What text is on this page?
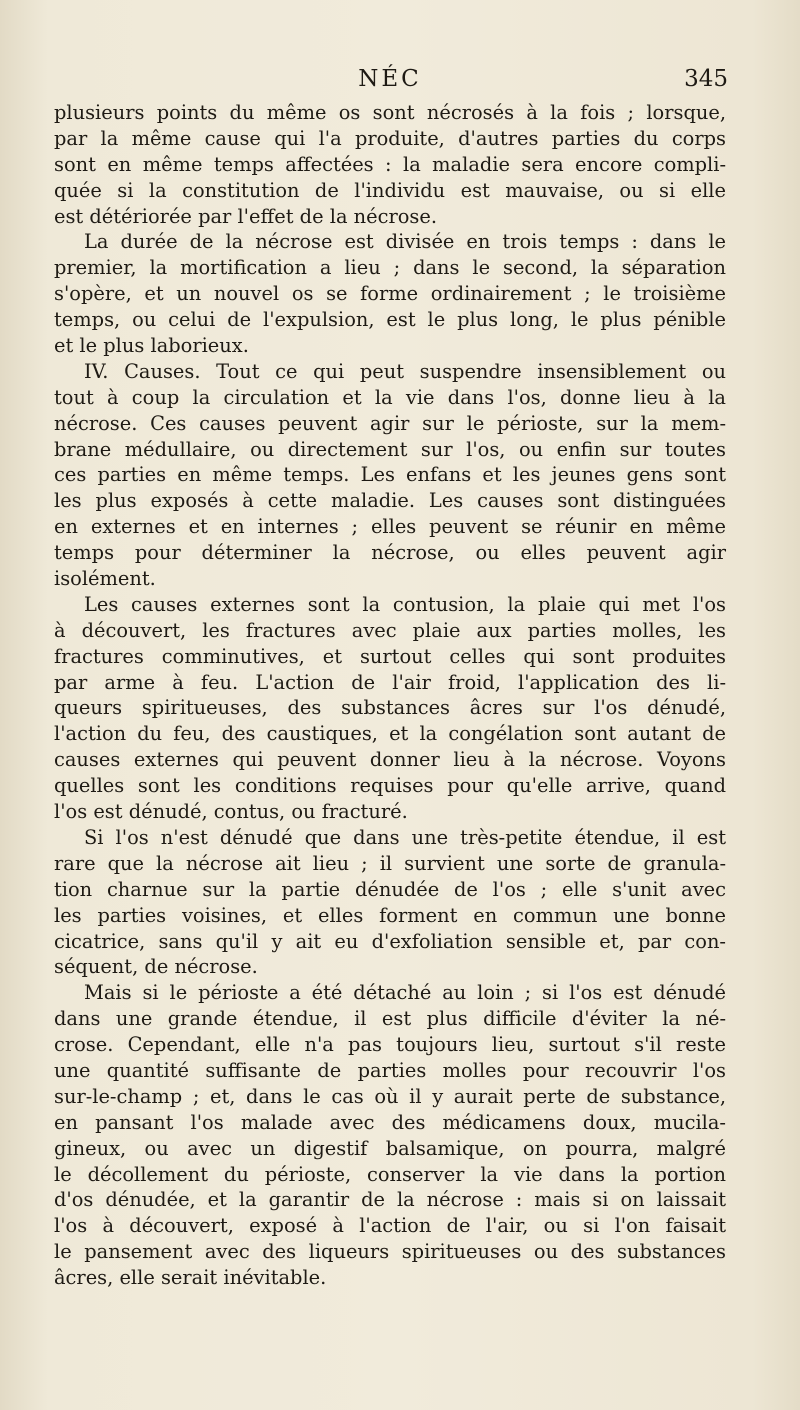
NÉC	345
plusieurs points du même os sont nécrosés à la fois ; lorsque,
par la même cause qui l'a produite, d'autres parties du corps
sont en même temps affectées : la maladie sera encore compli-
quée si la constitution de l'individu est mauvaise, ou si elle
est détériorée par l'effet de la nécrose.
La durée de la nécrose est divisée en trois temps : dans le
premier, la mortification a lieu ; dans le second, la séparation
s'opère, et un nouvel os se forme ordinairement ; le troisième
temps, ou celui de l'expulsion, est le plus long, le plus pénible
et le plus laborieux.
IV. Causes. Tout ce qui peut suspendre insensiblement ou
tout à coup la circulation et la vie dans l'os, donne lieu à la
nécrose. Ces causes peuvent agir sur le périoste, sur la mem-
brane médullaire, ou directement sur l'os, ou enfin sur toutes
ces parties en même temps. Les enfans et les jeunes gens sont
les plus exposés à cette maladie. Les causes sont distinguées
en externes et en internes ; elles peuvent se réunir en même
temps pour déterminer la nécrose, ou elles peuvent agir
isolément.
Les causes externes sont la contusion, la plaie qui met l'os
à découvert, les fractures avec plaie aux parties molles, les
fractures comminutives, et surtout celles qui sont produites
par arme à feu. L'action de l'air froid, l'application des li-
queurs spiritueuses, des substances âcres sur l'os dénudé,
l'action du feu, des caustiques, et la congélation sont autant de
causes externes qui peuvent donner lieu à la nécrose. Voyons
quelles sont les conditions requises pour qu'elle arrive, quand
l'os est dénudé, contus, ou fracturé.
Si l'os n'est dénudé que dans une très-petite étendue, il est
rare que la nécrose ait lieu ; il survient une sorte de granula-
tion charnue sur la partie dénudée de l'os ; elle s'unit avec
les parties voisines, et elles forment en commun une bonne
cicatrice, sans qu'il y ait eu d'exfoliation sensible et, par con-
séquent, de nécrose.
Mais si le périoste a été détaché au loin ; si l'os est dénudé
dans une grande étendue, il est plus difficile d'éviter la né-
crose. Cependant, elle n'a pas toujours lieu, surtout s'il reste
une quantité suffisante de parties molles pour recouvrir l'os
sur-le-champ ; et, dans le cas où il y aurait perte de substance,
en pansant l'os malade avec des médicamens doux, mucila-
gineux, ou avec un digestif balsamique, on pourra, malgré
le décollement du périoste, conserver la vie dans la portion
d'os dénudée, et la garantir de la nécrose : mais si on laissait
l'os à découvert, exposé à l'action de l'air, ou si l'on faisait
le pansement avec des liqueurs spiritueuses ou des substances
âcres, elle serait inévitable.
